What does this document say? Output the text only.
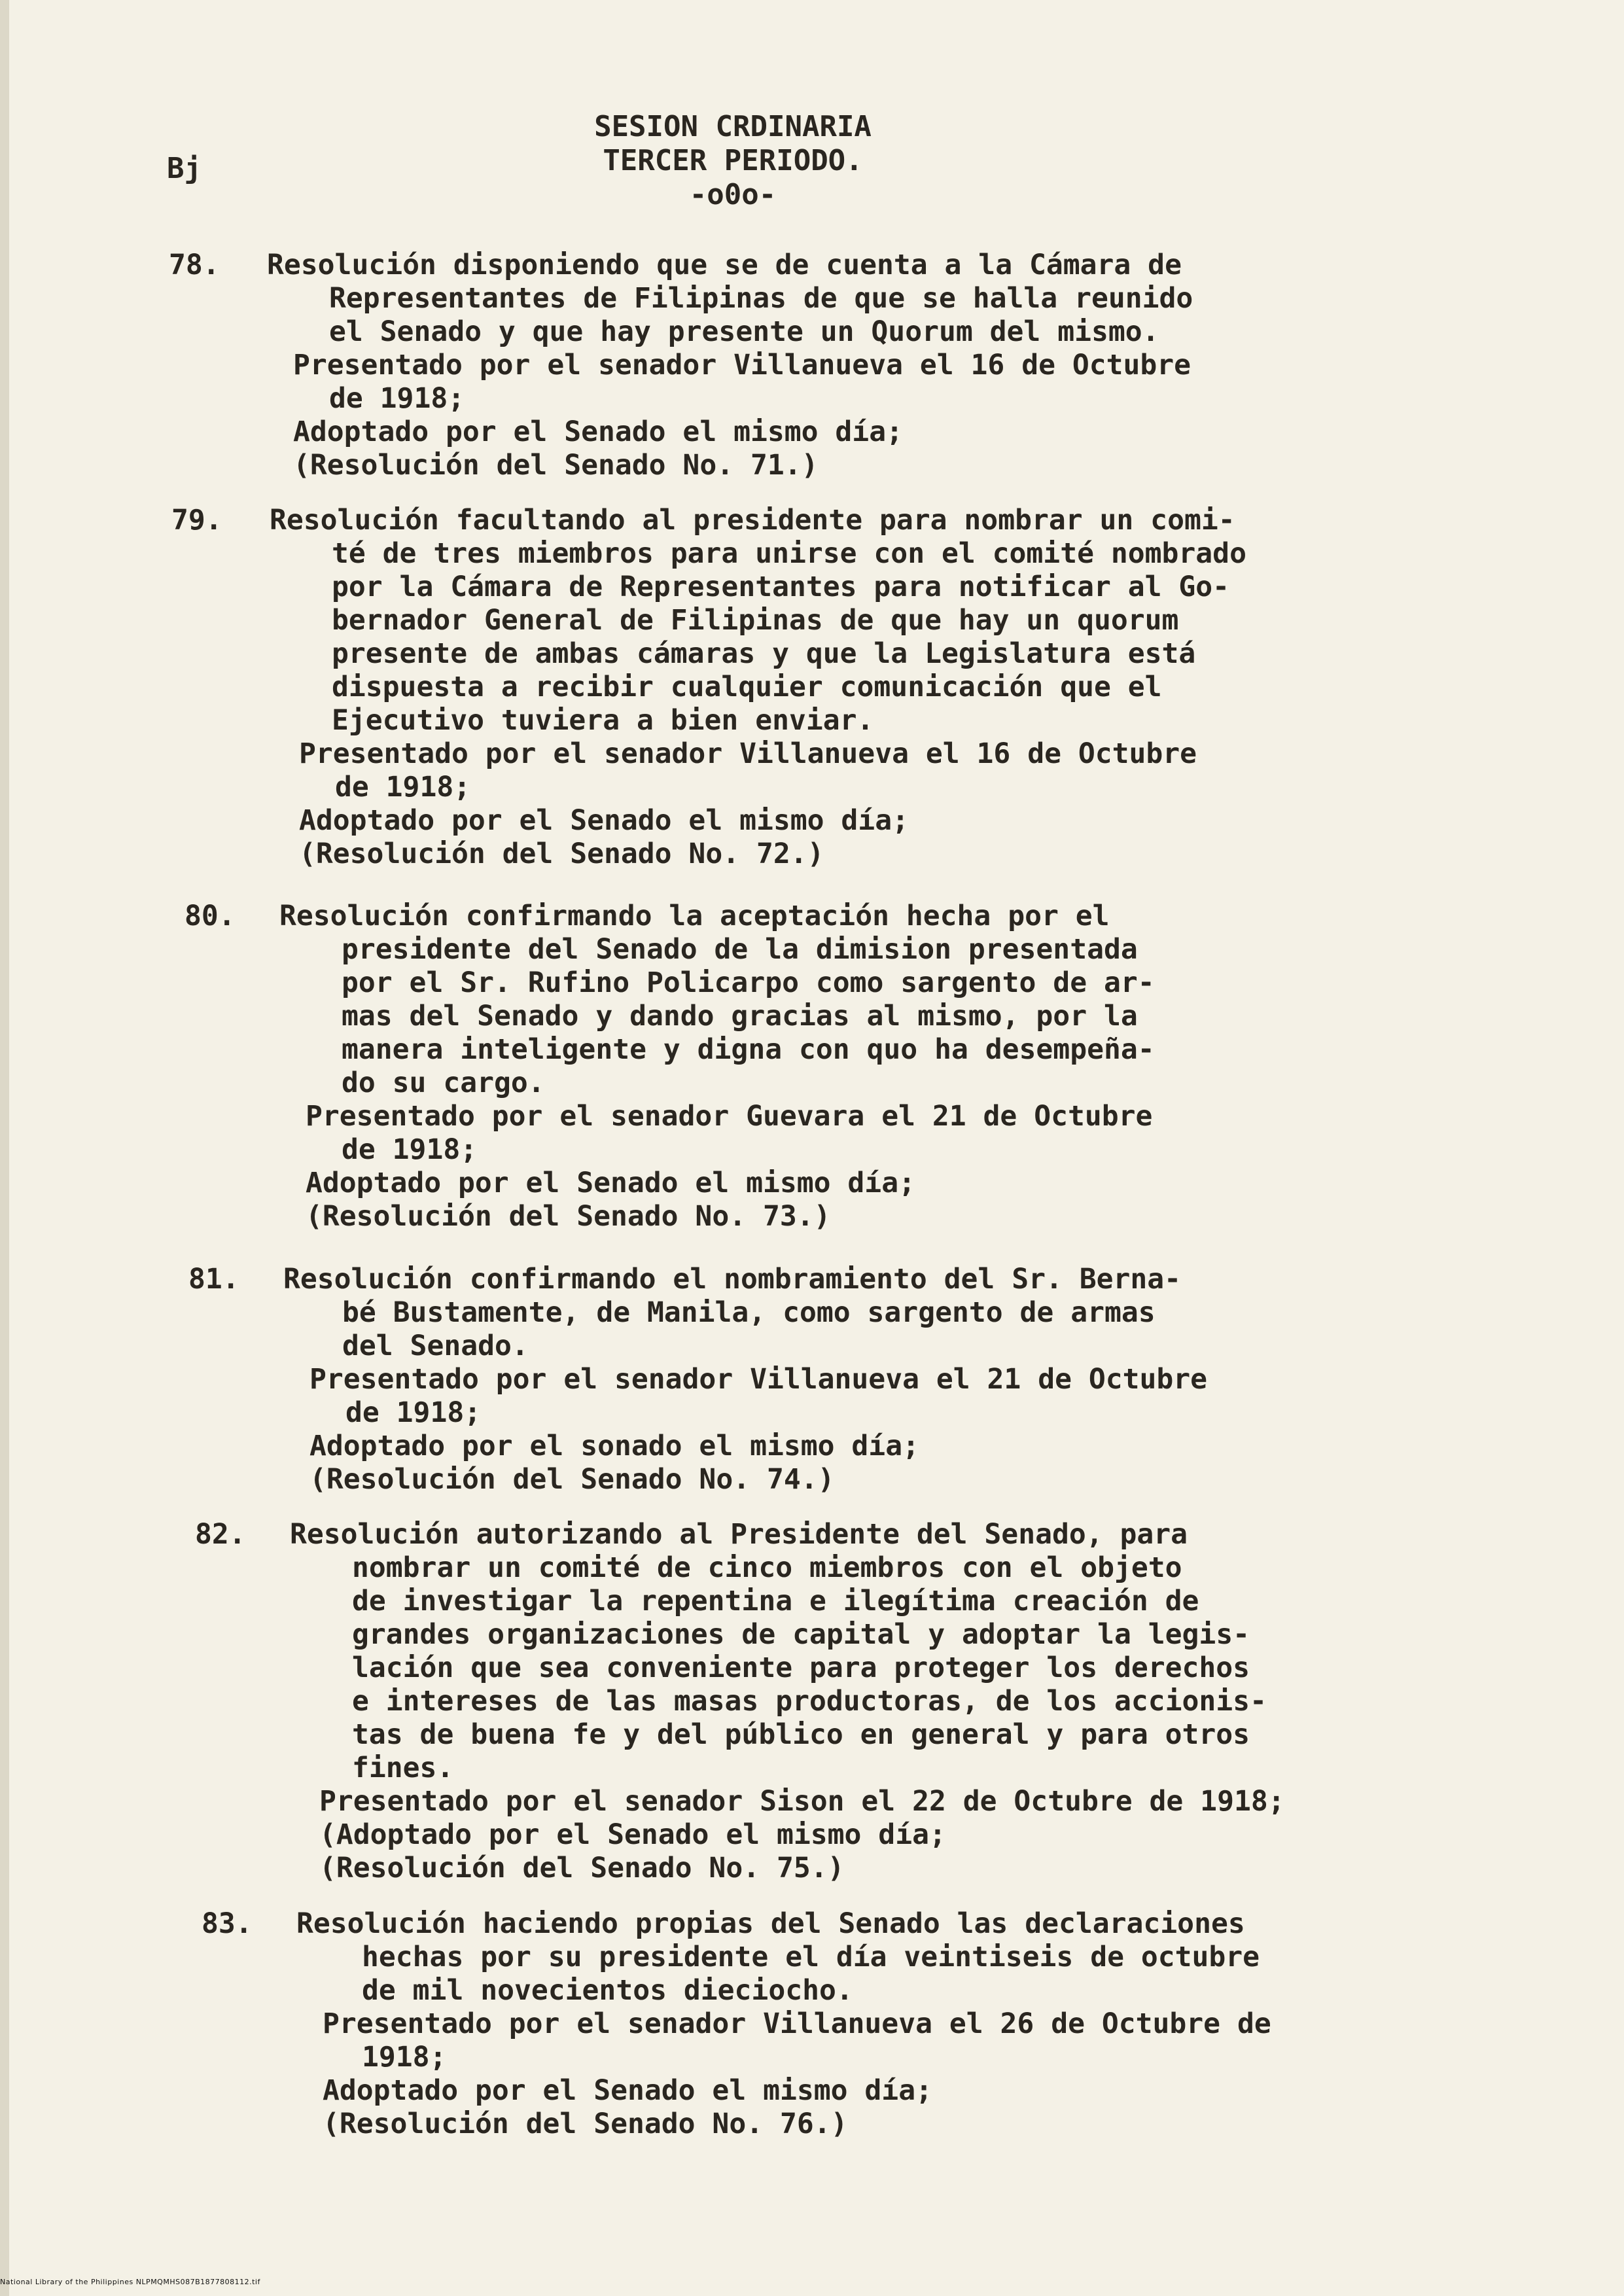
Bj
SESION CRDINARIA
TERCER PERIODO.
-o0o-
78. Resolución disponiendo que se de cuenta a la Cámara de
Representantes de Filipinas de que se halla reunido
el Senado y que hay presente un Quorum del mismo.
Presentado por el senador Villanueva el 16 de Octubre
de 1918;
Adoptado por el Senado el mismo día;
(Resolución del Senado No. 71.)
79. Resolución facultando al presidente para nombrar un comi-
té de tres miembros para unirse con el comité nombrado
por la Cámara de Representantes para notificar al Go-
bernador General de Filipinas de que hay un quorum
presente de ambas cámaras y que la Legislatura está
dispuesta a recibir cualquier comunicación que el
Ejecutivo tuviera a bien enviar.
Presentado por el senador Villanueva el 16 de Octubre
de 1918;
Adoptado por el Senado el mismo día;
(Resolución del Senado No. 72.)
80. Resolución confirmando la aceptación hecha por el
presidente del Senado de la dimision presentada
por el Sr. Rufino Policarpo como sargento de ar-
mas del Senado y dando gracias al mismo, por la
manera inteligente y digna con quo ha desempeña-
do su cargo.
Presentado por el senador Guevara el 21 de Octubre
de 1918;
Adoptado por el Senado el mismo día;
(Resolución del Senado No. 73.)
81. Resolución confirmando el nombramiento del Sr. Berna-
bé Bustamente, de Manila, como sargento de armas
del Senado.
Presentado por el senador Villanueva el 21 de Octubre
de 1918;
Adoptado por el sonado el mismo día;
(Resolución del Senado No. 74.)
82. Resolución autorizando al Presidente del Senado, para
nombrar un comité de cinco miembros con el objeto
de investigar la repentina e ilegítima creación de
grandes organizaciones de capital y adoptar la legis-
lación que sea conveniente para proteger los derechos
e intereses de las masas productoras, de los accionis-
tas de buena fe y del público en general y para otros
fines.
Presentado por el senador Sison el 22 de Octubre de 1918;
(Adoptado por el Senado el mismo día;
(Resolución del Senado No. 75.)
83. Resolución haciendo propias del Senado las declaraciones
hechas por su presidente el día veintiseis de octubre
de mil novecientos dieciocho.
Presentado por el senador Villanueva el 26 de Octubre de
1918;
Adoptado por el Senado el mismo día;
(Resolución del Senado No. 76.)
National Library of the Philippines NLPMQMHS087B1877808112.tif
